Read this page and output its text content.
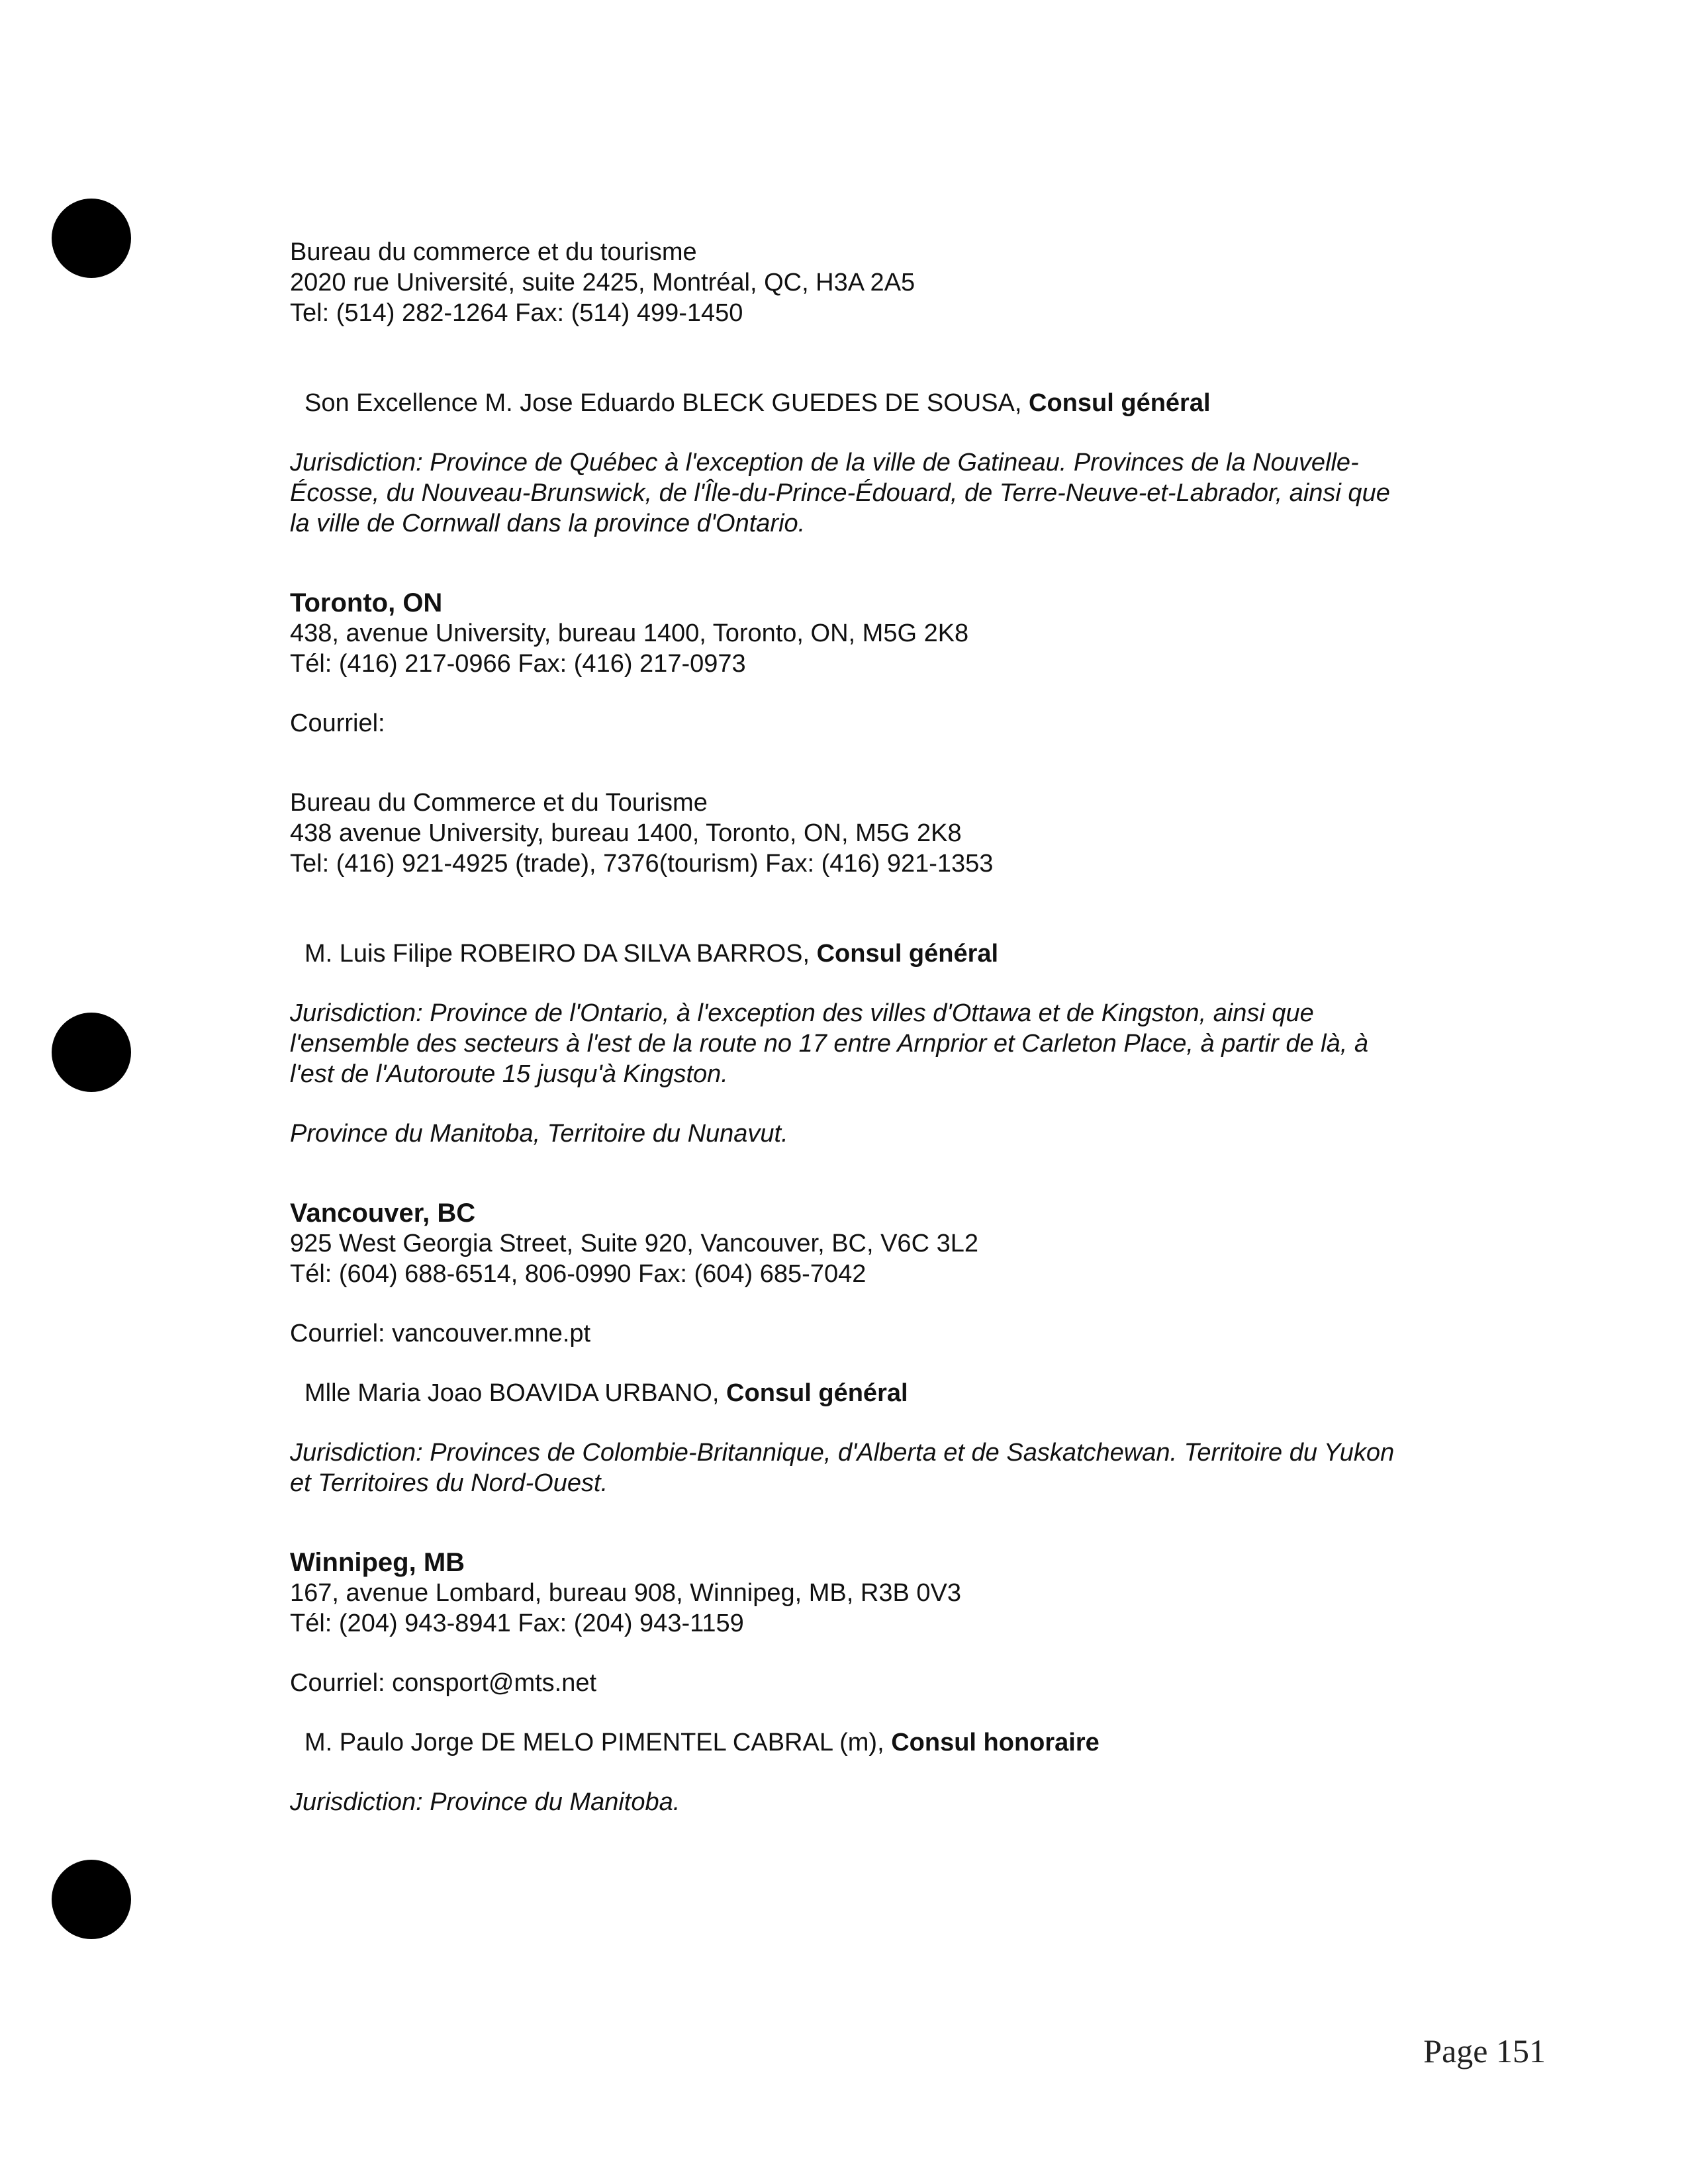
Bureau du commerce et du tourisme
2020 rue Université, suite 2425, Montréal, QC, H3A 2A5
Tel: (514) 282-1264 Fax: (514) 499-1450
Son Excellence M. Jose Eduardo BLECK GUEDES DE SOUSA, Consul général
Jurisdiction: Province de Québec à l'exception de la ville de Gatineau. Provinces de la Nouvelle-
Écosse, du Nouveau-Brunswick, de l'Île-du-Prince-Édouard, de Terre-Neuve-et-Labrador, ainsi que
la ville de Cornwall dans la province d'Ontario.
Toronto, ON
438, avenue University, bureau 1400, Toronto, ON, M5G 2K8
Tél: (416) 217-0966 Fax: (416) 217-0973
Courriel:
Bureau du Commerce et du Tourisme
438 avenue University, bureau 1400, Toronto, ON, M5G 2K8
Tel: (416) 921-4925 (trade), 7376(tourism) Fax: (416) 921-1353
M. Luis Filipe ROBEIRO DA SILVA BARROS, Consul général
Jurisdiction: Province de l'Ontario, à l'exception des villes d'Ottawa et de Kingston, ainsi que
l'ensemble des secteurs à l'est de la route no 17 entre Arnprior et Carleton Place, à partir de là, à
l'est de l'Autoroute 15 jusqu'à Kingston.
Province du Manitoba, Territoire du Nunavut.
Vancouver, BC
925 West Georgia Street, Suite 920, Vancouver, BC, V6C 3L2
Tél: (604) 688-6514, 806-0990 Fax: (604) 685-7042
Courriel: vancouver.mne.pt
Mlle Maria Joao BOAVIDA URBANO, Consul général
Jurisdiction: Provinces de Colombie-Britannique, d'Alberta et de Saskatchewan. Territoire du Yukon
et Territoires du Nord-Ouest.
Winnipeg, MB
167, avenue Lombard, bureau 908, Winnipeg, MB, R3B 0V3
Tél: (204) 943-8941 Fax: (204) 943-1159
Courriel: consport@mts.net
M. Paulo Jorge DE MELO PIMENTEL CABRAL (m), Consul honoraire
Jurisdiction: Province du Manitoba.
Page 151
